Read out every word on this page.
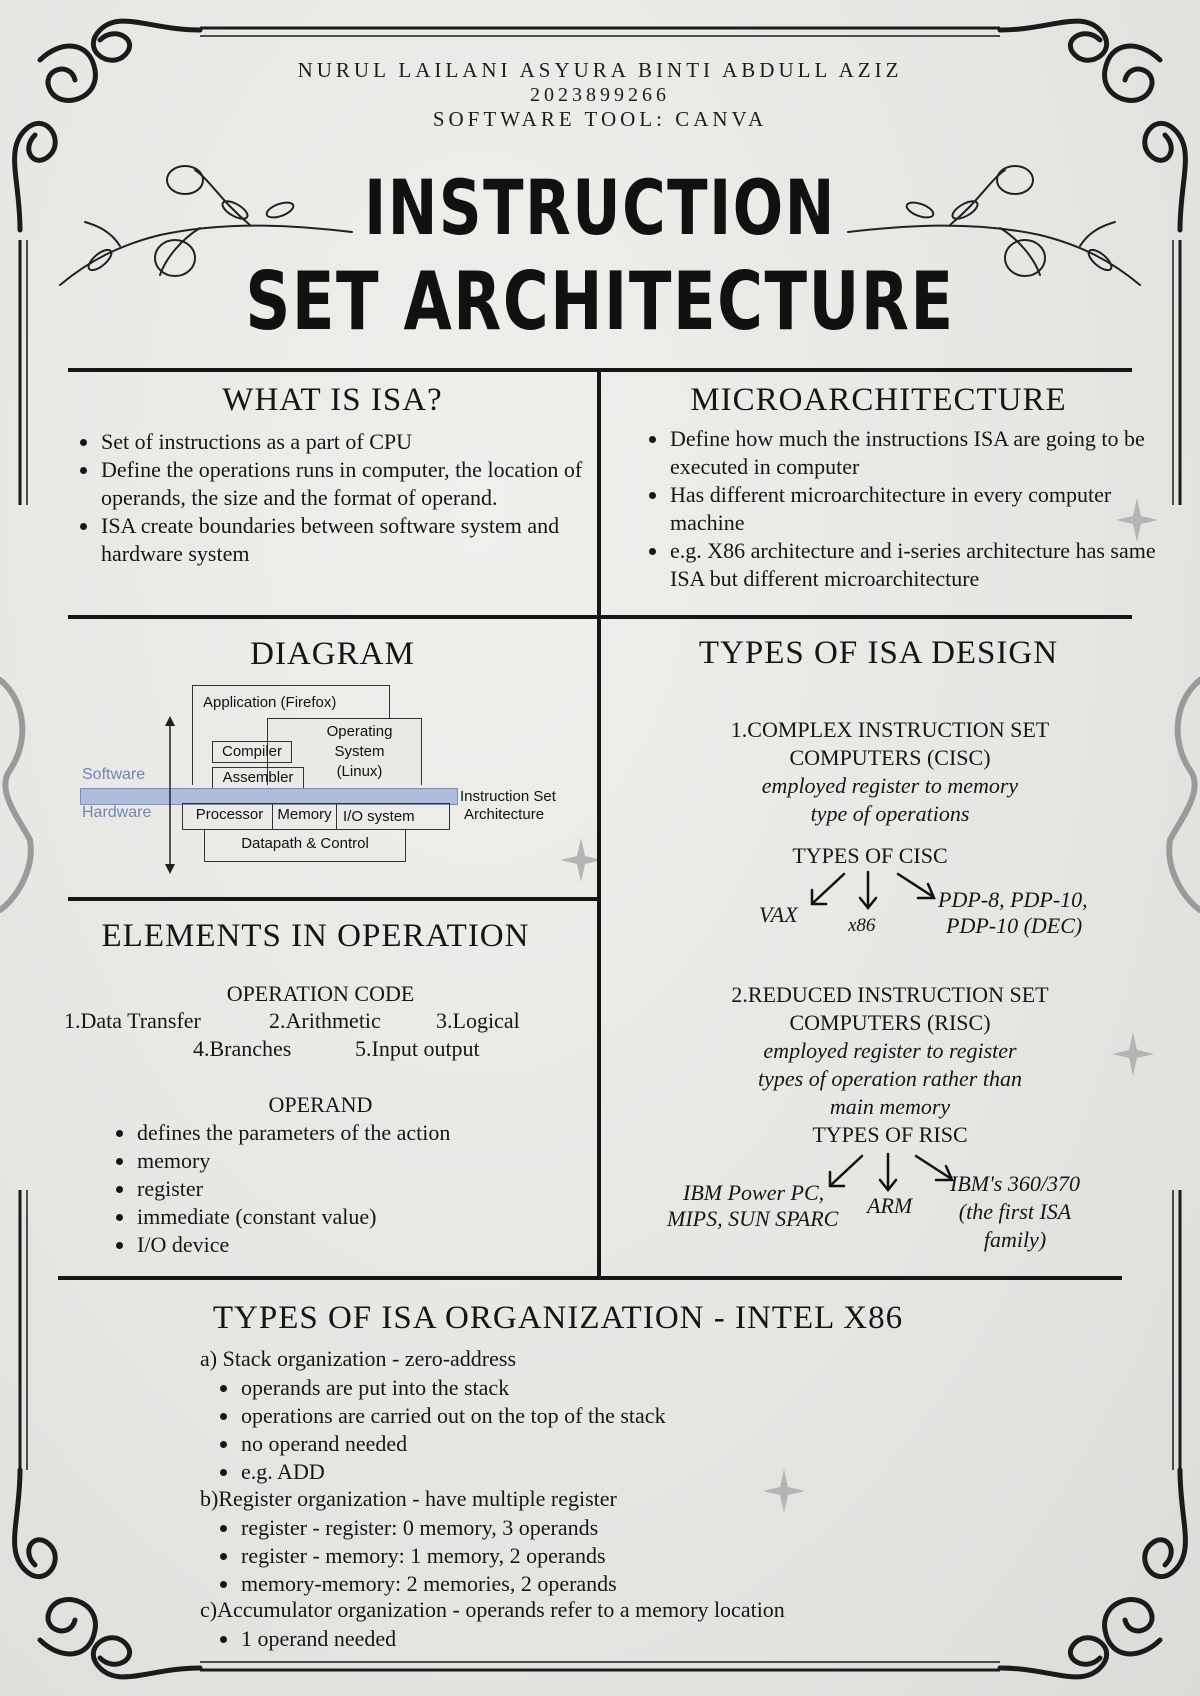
NURUL LAILANI ASYURA BINTI ABDULL AZIZ
2023899266
SOFTWARE TOOL: CANVA
INSTRUCTION
SET ARCHITECTURE
WHAT IS ISA?
Set of instructions as a part of CPU
Define the operations runs in computer, the location of operands, the size and the format of operand.
ISA create boundaries between software system and hardware system
MICROARCHITECTURE
Define how much the instructions ISA are going to be executed in computer
Has different microarchitecture in every computer machine
e.g. X86 architecture and i-series architecture has same ISA but different microarchitecture
DIAGRAM
Application (Firefox)
Operating System (Linux)
Compiler
Assembler
Software
Hardware
Instruction Set
Architecture
Processor Memory I/O system
Datapath & Control
TYPES OF ISA DESIGN
1.COMPLEX INSTRUCTION SET
COMPUTERS (CISC)
employed register to memory
type of operations
TYPES OF CISC
VAX	x86
PDP-8, PDP-10,
PDP-10 (DEC)
2.REDUCED INSTRUCTION SET
COMPUTERS (RISC)
employed register to register
types of operation rather than
main memory
TYPES OF RISC
IBM Power PC,
MIPS, SUN SPARC
ARM
IBM's 360/370
(the first ISA
family)
ELEMENTS IN OPERATION
OPERATION CODE
1.Data Transfer	2.Arithmetic	3.Logical
4.Branches	5.Input output
OPERAND
defines the parameters of the action
memory
register
immediate (constant value)
I/O device
TYPES OF ISA ORGANIZATION - INTEL X86
a) Stack organization - zero-address
operands are put into the stack
operations are carried out on the top of the stack
no operand needed
e.g. ADD
b)Register organization - have multiple register
register - register: 0 memory, 3 operands
register - memory: 1 memory, 2 operands
memory-memory: 2 memories, 2 operands
c)Accumulator organization - operands refer to a memory location
1 operand needed
